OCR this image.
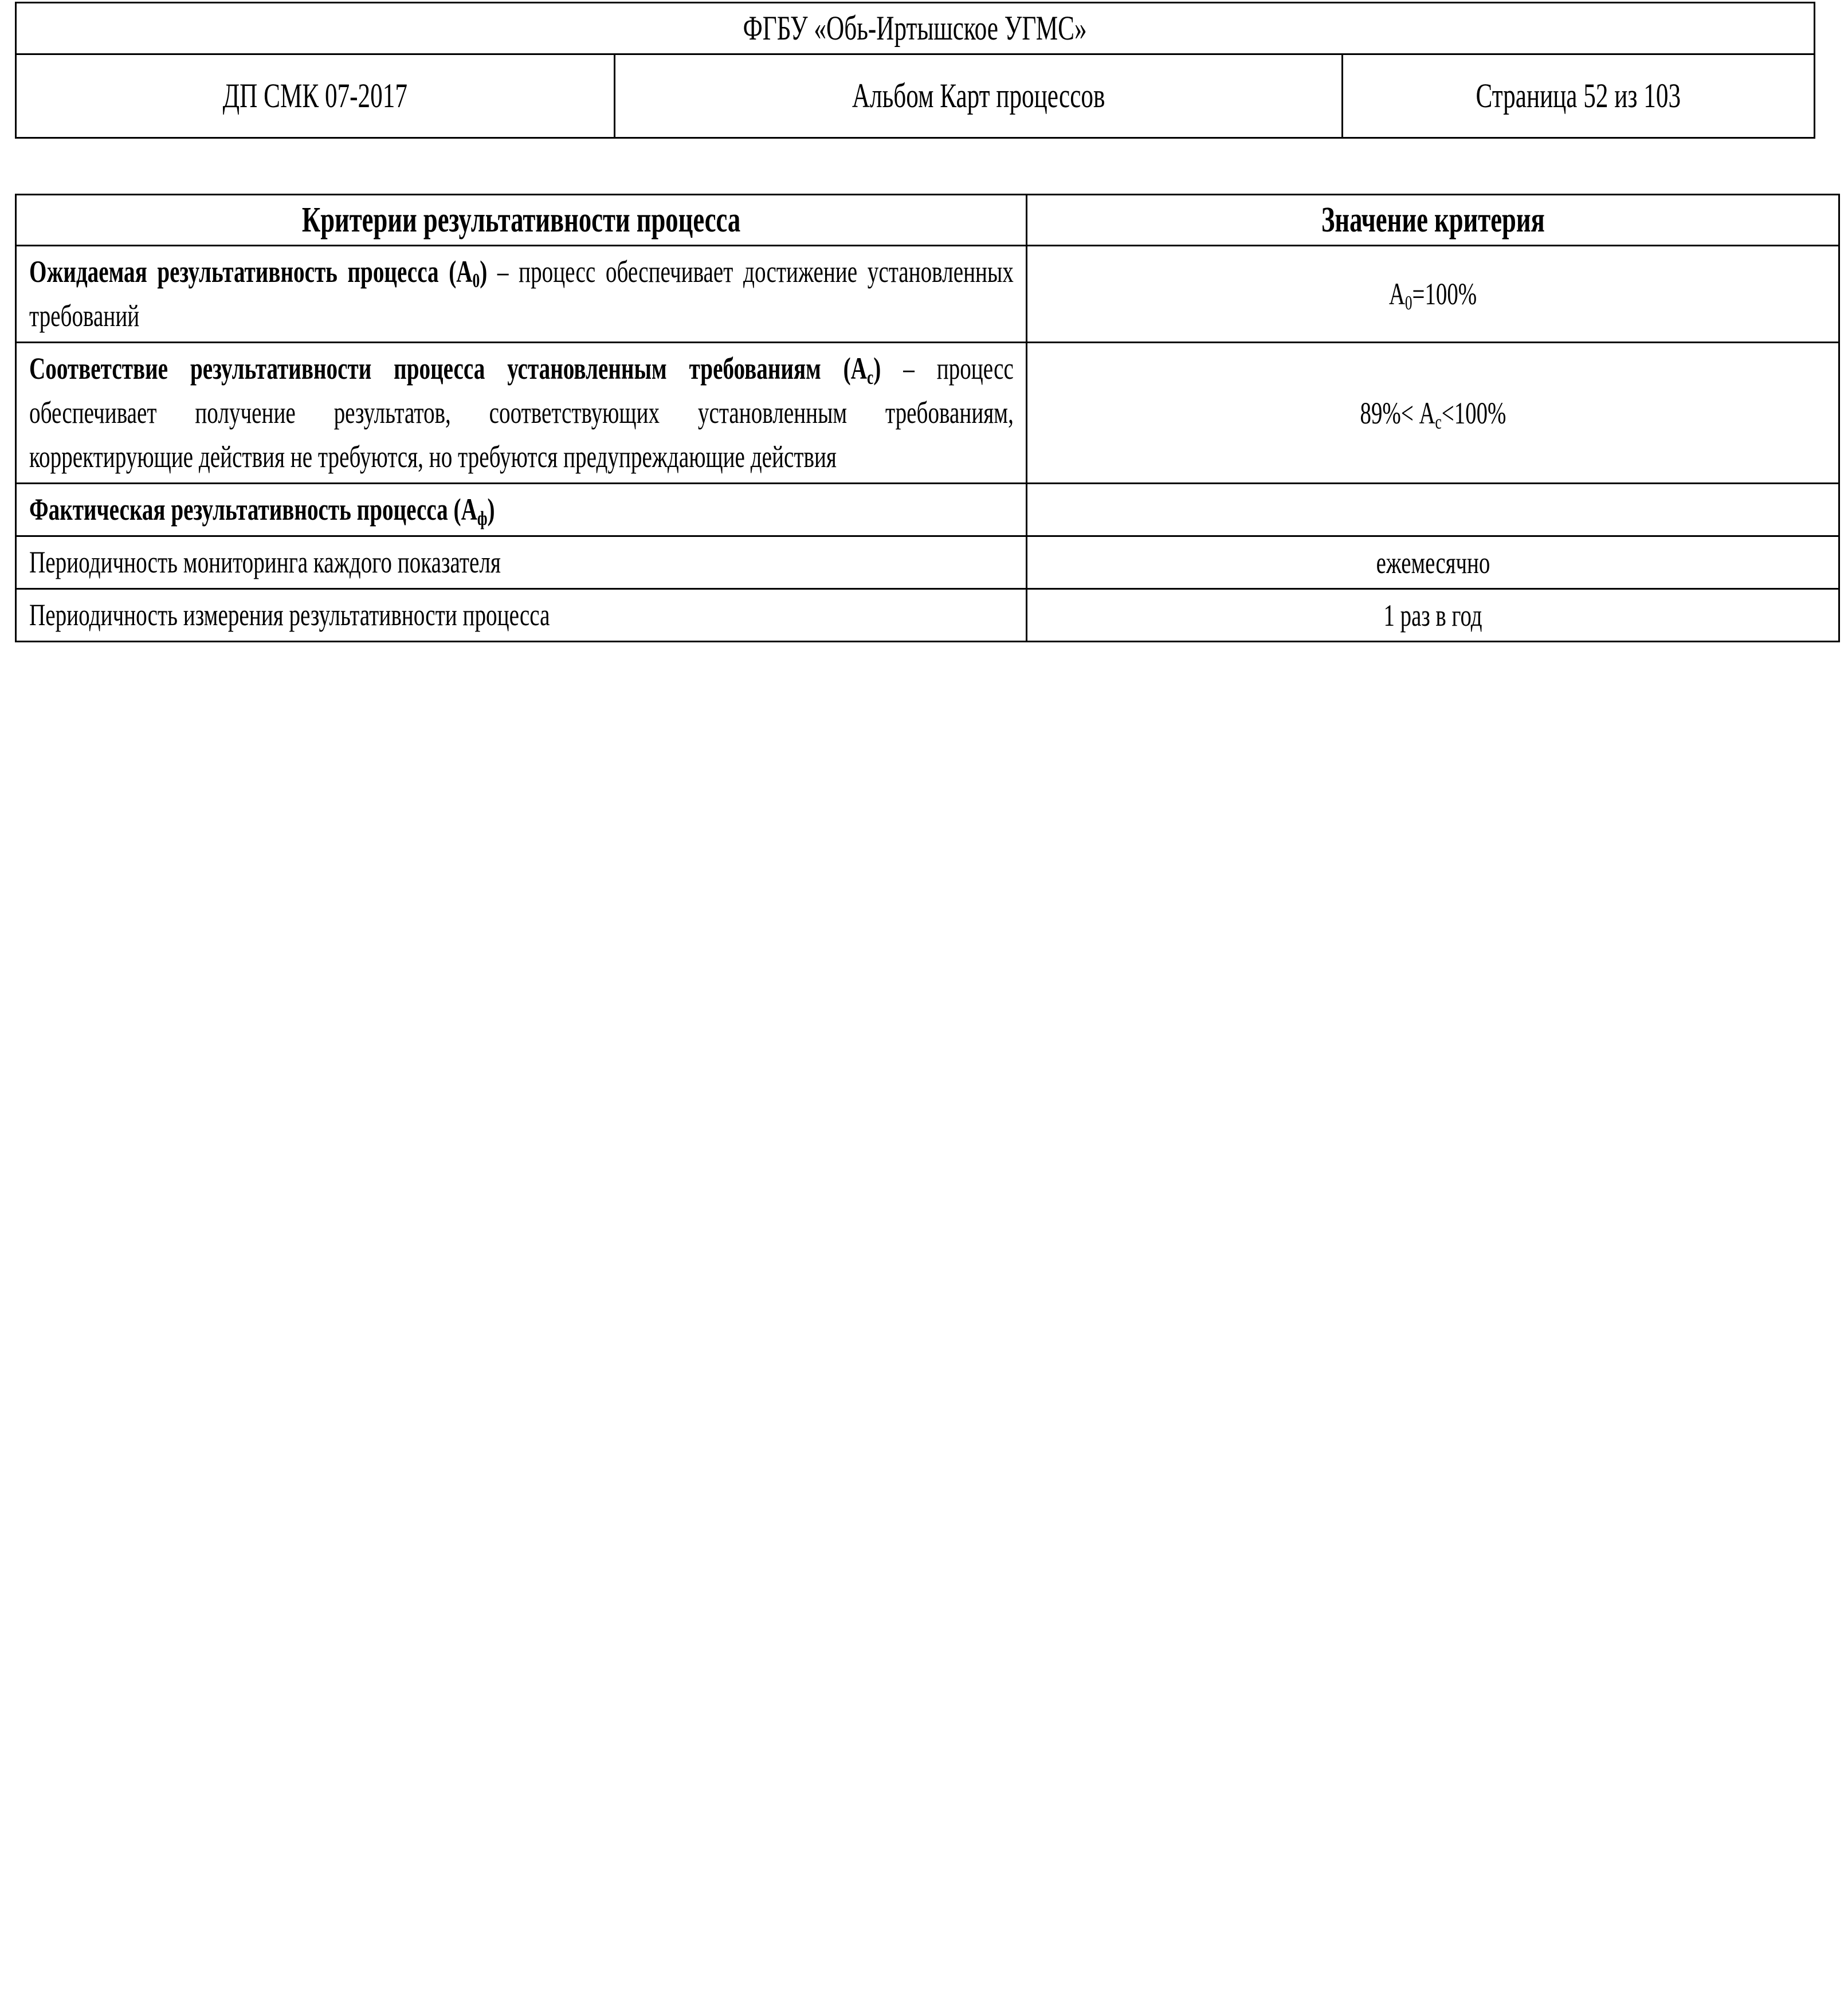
ФГБУ «Обь-Иртышское УГМС»
ДП СМК 07-2017	Альбом Карт процессов	Страница 52 из 103
Критерии результативности процесса	Значение критерия

Ожидаемая результативность процесса $(А_0)$ – процесс обеспечивает достижение установленных требований	$А_0=100\%$

Соответствие результативности процесса установленным требованиям $(А_с)$ – процесс обеспечивает получение результатов, соответствующих установленным требованиям, корректирующие действия не требуются, но требуются предупреждающие действия	$89\%< А_с<100\%$

Фактическая результативность процесса $(А_ф)$	

Периодичность мониторинга каждого показателя	ежемесячно

Периодичность измерения результативности процесса	1 раз в год
